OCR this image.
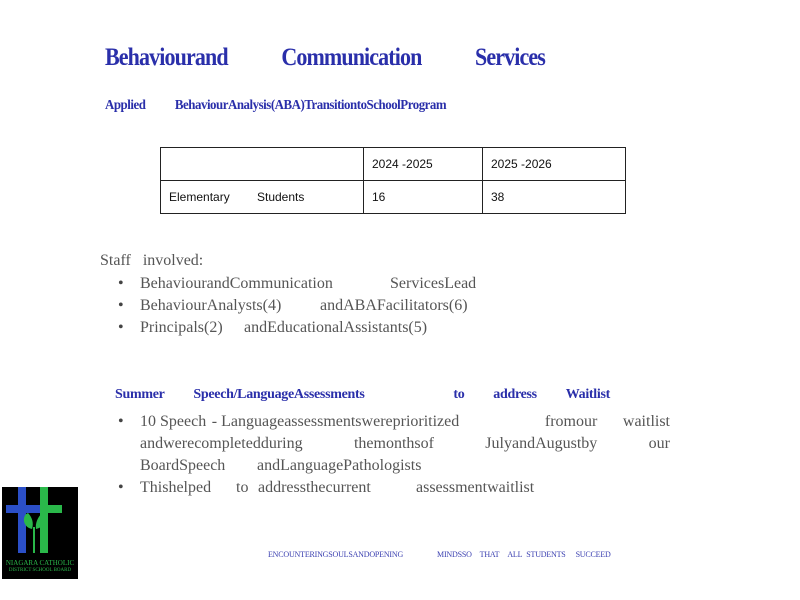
Behaviourand Communication Services
Applied BehaviourAnalysis(ABA)TransitiontoSchoolProgram
	2024 -2025	2025 -2026
Elementary Students	16	38
Staff involved:
• BehaviourandCommunication	ServicesLead
• BehaviourAnalysts(4) andABAFacilitators(6)
• Principals(2) andEducationalAssistants(5)
Summer Speech/LanguageAssessments	to address Waitlist
• 10 Speech - Languageassessmentswereprioritized	fromour waitlist
andwerecompletedduring	themonthsof	JulyandAugustby	our
BoardSpeech	andLanguagePathologists
• Thishelped to addressthecurrent	assessmentwaitlist
NIAGARA CATHOLIC
DISTRICT SCHOOL BOARD
ENCOUNTERINGSOULSANDOPENING	MINDSSO THAT ALL STUDENTS SUCCEED
